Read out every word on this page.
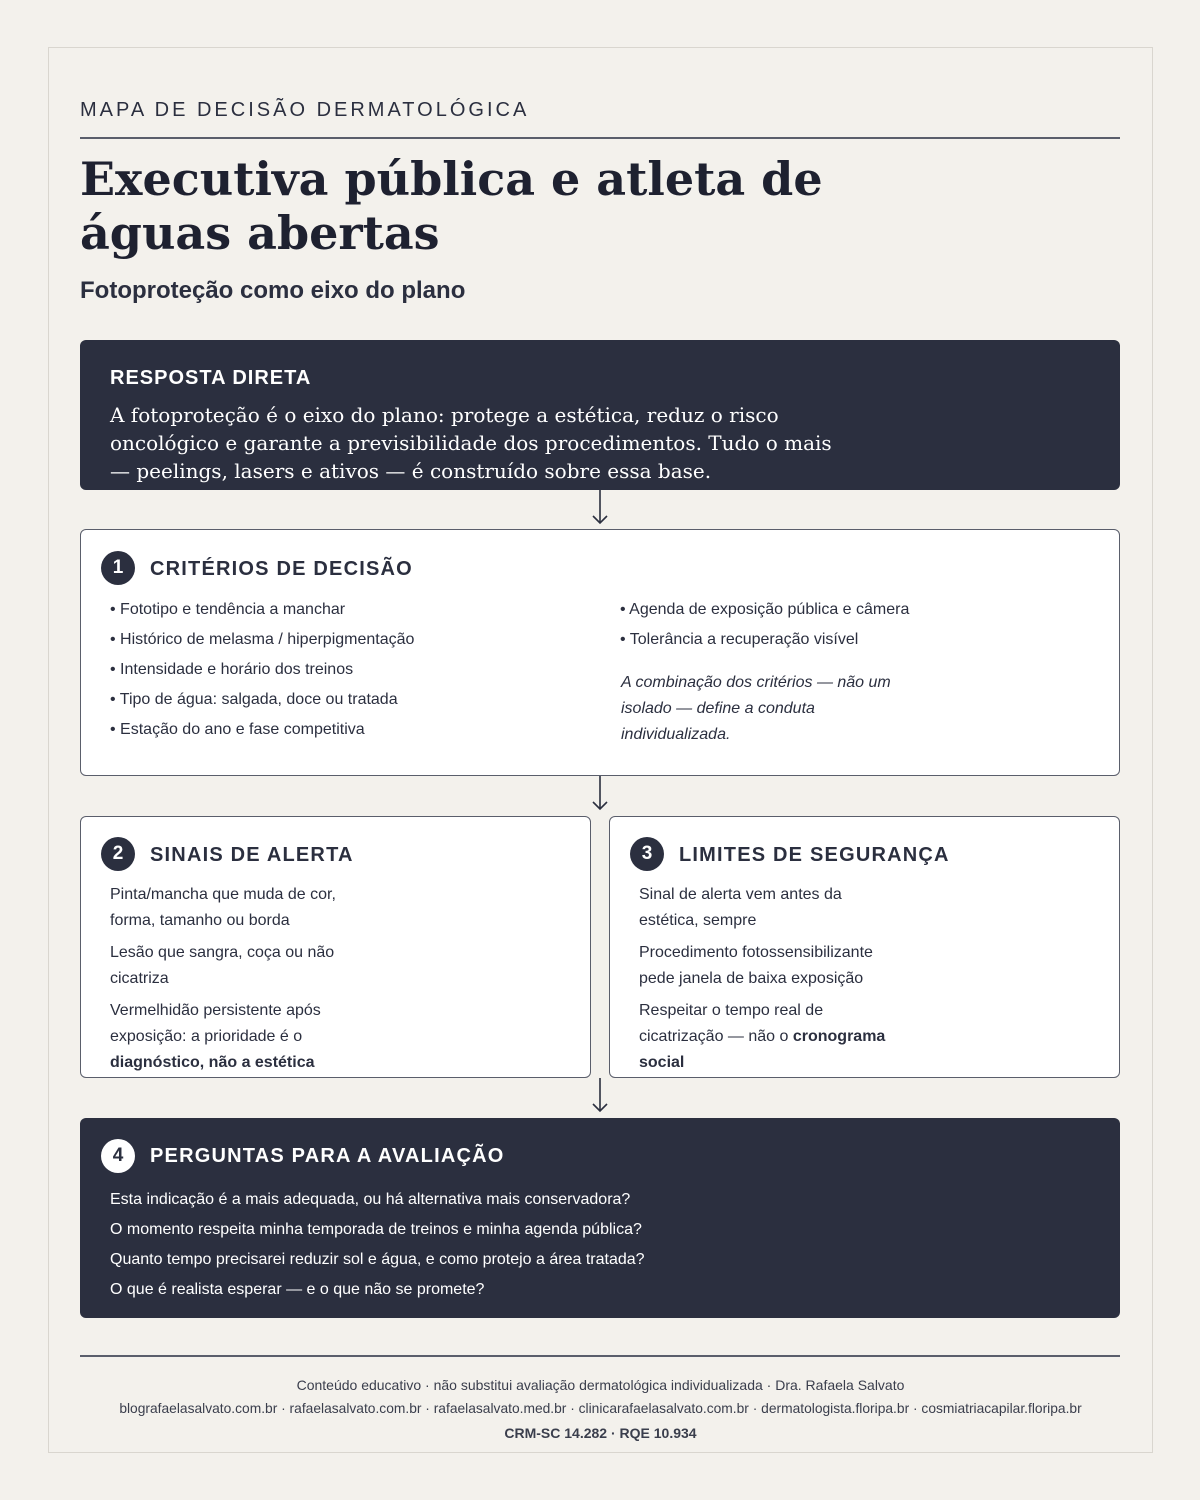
MAPA DE DECISÃO DERMATOLÓGICA
Executiva pública e atleta de
águas abertas
Fotoproteção como eixo do plano
RESPOSTA DIRETA
A fotoproteção é o eixo do plano: protege a estética, reduz o risco oncológico e garante a previsibilidade dos procedimentos. Tudo o mais — peelings, lasers e ativos — é construído sobre essa base.
1	CRITÉRIOS DE DECISÃO
• Fototipo e tendência a manchar
• Histórico de melasma / hiperpigmentação
• Intensidade e horário dos treinos
• Tipo de água: salgada, doce ou tratada
• Estação do ano e fase competitiva
• Agenda de exposição pública e câmera
• Tolerância a recuperação visível
A combinação dos critérios — não um isolado — define a conduta individualizada.
2	SINAIS DE ALERTA

Pinta/mancha que muda de cor, forma, tamanho ou borda

Lesão que sangra, coça ou não cicatriza

Vermelhidão persistente após exposição: a prioridade é o diagnóstico, não a estética

3	LIMITES DE SEGURANÇA

Sinal de alerta vem antes da estética, sempre

Procedimento fotossensibilizante pede janela de baixa exposição

Respeitar o tempo real de cicatrização — não o cronograma social

4	PERGUNTAS PARA A AVALIAÇÃO
Esta indicação é a mais adequada, ou há alternativa mais conservadora?
O momento respeita minha temporada de treinos e minha agenda pública?
Quanto tempo precisarei reduzir sol e água, e como protejo a área tratada?
O que é realista esperar — e o que não se promete?
Conteúdo educativo · não substitui avaliação dermatológica individualizada · Dra. Rafaela Salvato
blografaelasalvato.com.br · rafaelasalvato.com.br · rafaelasalvato.med.br · clinicarafaelasalvato.com.br · dermatologista.floripa.br · cosmiatriacapilar.floripa.br
CRM-SC 14.282 · RQE 10.934
